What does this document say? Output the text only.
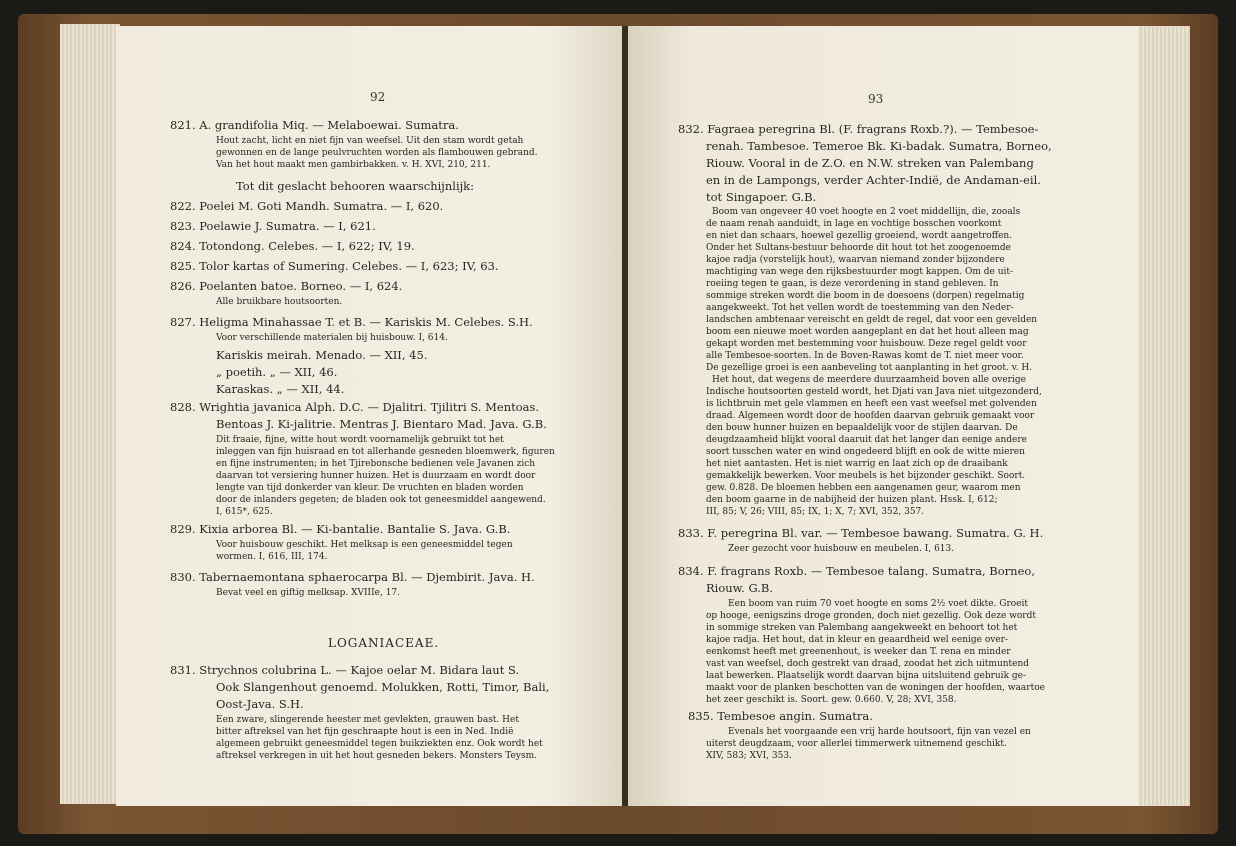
92
821. A. grandifolia Miq. — Melaboewai. Sumatra.
Hout zacht, licht en niet fijn van weefsel. Uit den stam wordt getah
gewonnen en de lange peulvruchten worden als flambouwen gebrand.
Van het hout maakt men gambirbakken. v. H. XVI, 210, 211.
Tot dit geslacht behooren waarschijnlijk:
822. Poelei M. Goti Mandh. Sumatra. — I, 620.
823. Poelawie J. Sumatra. — I, 621.
824. Totondong. Celebes. — I, 622; IV, 19.
825. Tolor kartas of Sumering. Celebes. — I, 623; IV, 63.
826. Poelanten batoe. Borneo. — I, 624.
Alle bruikbare houtsoorten.
827. Heligma Minahassae T. et B. — Kariskis M. Celebes. S.H.
Voor verschillende materialen bij huisbouw. I, 614.
Kariskis meirah. Menado. — XII, 45.
„ poetih. „ — XII, 46.
Karaskas. „ — XII, 44.
828. Wrightia javanica Alph. D.C. — Djalitri. Tjilitri S. Mentoas.
Bentoas J. Ki-jalitrie. Mentras J. Bientaro Mad. Java. G.B.
Dit fraaie, fijne, witte hout wordt voornamelijk gebruikt tot het
inleggen van fijn huisraad en tot allerhande gesneden bloemwerk, figuren
en fijne instrumenten; in het Tjirebonsche bedienen vele Javanen zich
daarvan tot versiering hunner huizen. Het is duurzaam en wordt door
lengte van tijd donkerder van kleur. De vruchten en bladen worden
door de inlanders gegeten; de bladen ook tot geneesmiddel aangewend.
I, 615*, 625.
829. Kixia arborea Bl. — Ki-bantalie. Bantalie S. Java. G.B.
Voor huisbouw geschikt. Het melksap is een geneesmiddel tegen
wormen. I, 616, III, 174.
830. Tabernaemontana sphaerocarpa Bl. — Djembirit. Java. H.
Bevat veel en giftig melksap. XVIIIe, 17.
LOGANIACEAE.
831. Strychnos colubrina L. — Kajoe oelar M. Bidara laut S.
Ook Slangenhout genoemd. Molukken, Rotti, Timor, Bali,
Oost-Java. S.H.
Een zware, slingerende heester met gevlekten, grauwen bast. Het
bitter aftreksel van het fijn geschraapte hout is een in Ned. Indië
algemeen gebruikt geneesmiddel tegen buikziekten enz. Ook wordt het
aftreksel verkregen in uit het hout gesneden bekers. Monsters Teysm.
93
832. Fagraea peregrina Bl. (F. fragrans Roxb.?). — Tembesoe-
renah. Tambesoe. Temeroe Bk. Ki-badak. Sumatra, Borneo,
Riouw. Vooral in de Z.O. en N.W. streken van Palembang
en in de Lampongs, verder Achter-Indië, de Andaman-eil.
tot Singapoer. G.B.
Boom van ongeveer 40 voet hoogte en 2 voet middellijn, die, zooals
de naam renah aanduidt, in lage en vochtige bosschen voorkomt
en niet dan schaars, hoewel gezellig groeiend, wordt aangetroffen.
Onder het Sultans-bestuur behoorde dit hout tot het zoogenoemde
kajoe radja (vorstelijk hout), waarvan niemand zonder bijzondere
machtiging van wege den rijksbestuurder mogt kappen. Om de uit-
roeiing tegen te gaan, is deze verordening in stand gebleven. In
sommige streken wordt die boom in de doesoens (dorpen) regelmatig
aangekweekt. Tot het vellen wordt de toestemming van den Neder-
landschen ambtenaar vereischt en geldt de regel, dat voor een gevelden
boom een nieuwe moet worden aangeplant en dat het hout alleen mag
gekapt worden met bestemming voor huisbouw. Deze regel geldt voor
alle Tembesoe-soorten. In de Boven-Rawas komt de T. niet meer voor.
De gezellige groei is een aanbeveling tot aanplanting in het groot. v. H.
Het hout, dat wegens de meerdere duurzaamheid boven alle overige
Indische houtsoorten gesteld wordt, het Djati van Java niet uitgezonderd,
is lichtbruin met gele vlammen en heeft een vast weefsel met golvenden
draad. Algemeen wordt door de hoofden daarvan gebruik gemaakt voor
den bouw hunner huizen en bepaaldelijk voor de stijlen daarvan. De
deugdzaamheid blijkt vooral daaruit dat het langer dan eenige andere
soort tusschen water en wind ongedeerd blijft en ook de witte mieren
het niet aantasten. Het is niet warrig en laat zich op de draaibank
gemakkelijk bewerken. Voor meubels is het bijzonder geschikt. Soort.
gew. 0.828. De bloemen hebben een aangenamen geur, waarom men
den boom gaarne in de nabijheid der huizen plant. Hssk. I, 612;
III, 85; V, 26; VIII, 85; IX, 1; X, 7; XVI, 352, 357.
833. F. peregrina Bl. var. — Tembesoe bawang. Sumatra. G. H.
Zeer gezocht voor huisbouw en meubelen. I, 613.
834. F. fragrans Roxb. — Tembesoe talang. Sumatra, Borneo,
Riouw. G.B.
Een boom van ruim 70 voet hoogte en soms 2½ voet dikte. Groeit
op hooge, eenigszins droge gronden, doch niet gezellig. Ook deze wordt
in sommige streken van Palembang aangekweekt en behoort tot het
kajoe radja. Het hout, dat in kleur en geaardheid wel eenige over-
eenkomst heeft met greenenhout, is weeker dan T. rena en minder
vast van weefsel, doch gestrekt van draad, zoodat het zich uitmuntend
laat bewerken. Plaatselijk wordt daarvan bijna uitsluitend gebruik ge-
maakt voor de planken beschotten van de woningen der hoofden, waartoe
het zeer geschikt is. Soort. gew. 0.660. V, 28; XVI, 358.
835. Tembesoe angin. Sumatra.
Evenals het voorgaande een vrij harde houtsoort, fijn van vezel en
uiterst deugdzaam, voor allerlei timmerwerk uitnemend geschikt.
XIV, 583; XVI, 353.
